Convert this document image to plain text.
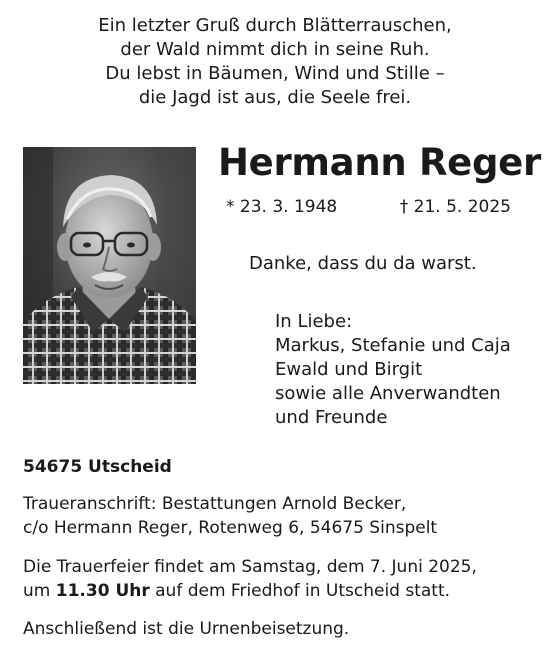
Ein letzter Gruß durch Blätterrauschen,
der Wald nimmt dich in seine Ruh.
Du lebst in Bäumen, Wind und Stille –
die Jagd ist aus, die Seele frei.
Hermann Reger
* 23. 3. 1948	† 21. 5. 2025
Danke, dass du da warst.
In Liebe:
Markus, Stefanie und Caja
Ewald und Birgit
sowie alle Anverwandten
und Freunde
54675 Utscheid
Traueranschrift: Bestattungen Arnold Becker,
c/o Hermann Reger, Rotenweg 6, 54675 Sinspelt
Die Trauerfeier findet am Samstag, dem 7. Juni 2025,
um 11.30 Uhr auf dem Friedhof in Utscheid statt.
Anschließend ist die Urnenbeisetzung.
